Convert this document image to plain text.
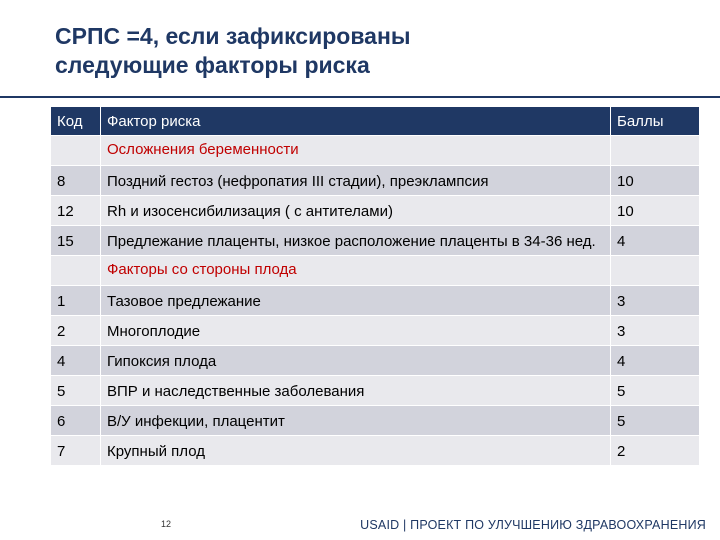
СРПС =4, если зафиксированы
следующие факторы риска
Код	Фактор риска	Баллы
	Осложнения беременности	
8	Поздний гестоз (нефропатия III стадии), преэклампсия	10
12	Rh и изосенсибилизация ( с антителами)	10
15	Предлежание плаценты, низкое расположение плаценты в 34-36 нед.	4
	Факторы со стороны плода	
1	Тазовое предлежание	3
2	Многоплодие	3
4	Гипоксия плода	4
5	ВПР и наследственные заболевания	5
6	В/У инфекции, плацентит	5
7	Крупный плод	2
12	USAID | ПРОЕКТ ПО УЛУЧШЕНИЮ ЗДРАВООХРАНЕНИЯ
